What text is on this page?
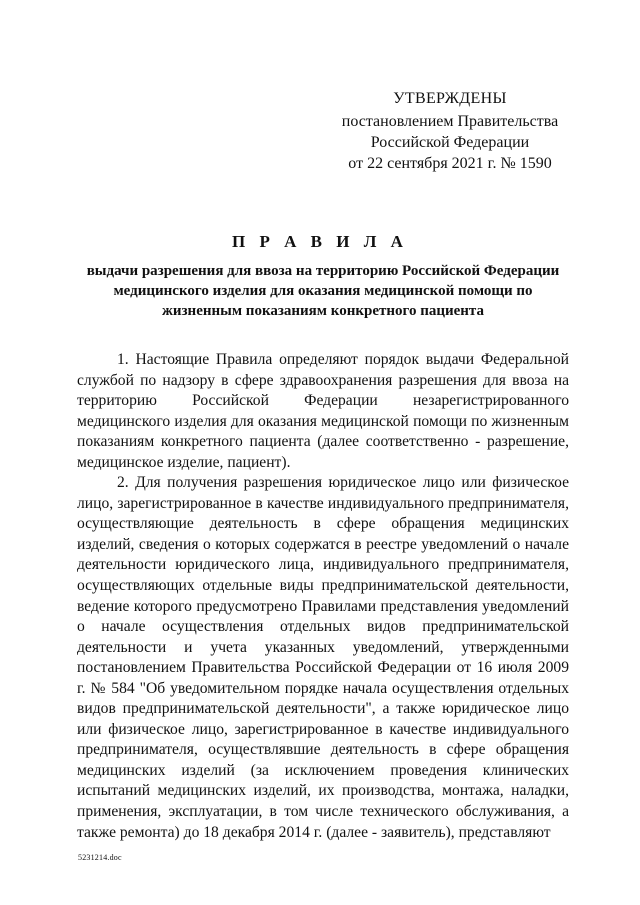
УТВЕРЖДЕНЫ
постановлением Правительства
Российской Федерации
от 22 сентября 2021 г. № 1590
П Р А В И Л А
выдачи разрешения для ввоза на территорию Российской Федерации медицинского изделия для оказания медицинской помощи по жизненным показаниям конкретного пациента

1. Настоящие Правила определяют порядок выдачи Федеральной службой по надзору в сфере здравоохранения разрешения для ввоза на территорию Российской Федерации незарегистрированного медицинского изделия для оказания медицинской помощи по жизненным показаниям конкретного пациента (далее соответственно - разрешение, медицинское изделие, пациент).

2. Для получения разрешения юридическое лицо или физическое лицо, зарегистрированное в качестве индивидуального предпринимателя, осуществляющие деятельность в сфере обращения медицинских изделий, сведения о которых содержатся в реестре уведомлений о начале деятельности юридического лица, индивидуального предпринимателя, осуществляющих отдельные виды предпринимательской деятельности, ведение которого предусмотрено Правилами представления уведомлений о начале осуществления отдельных видов предпринимательской деятельности и учета указанных уведомлений, утвержденными постановлением Правительства Российской Федерации от 16 июля 2009 г. № 584 "Об уведомительном порядке начала осуществления отдельных видов предпринимательской деятельности", а также юридическое лицо или физическое лицо, зарегистрированное в качестве индивидуального предпринимателя, осуществлявшие деятельность в сфере обращения медицинских изделий (за исключением проведения клинических испытаний медицинских изделий, их производства, монтажа, наладки, применения, эксплуатации, в том числе технического обслуживания, а также ремонта) до 18 декабря 2014 г. (далее - заявитель), представляют

5231214.doc
